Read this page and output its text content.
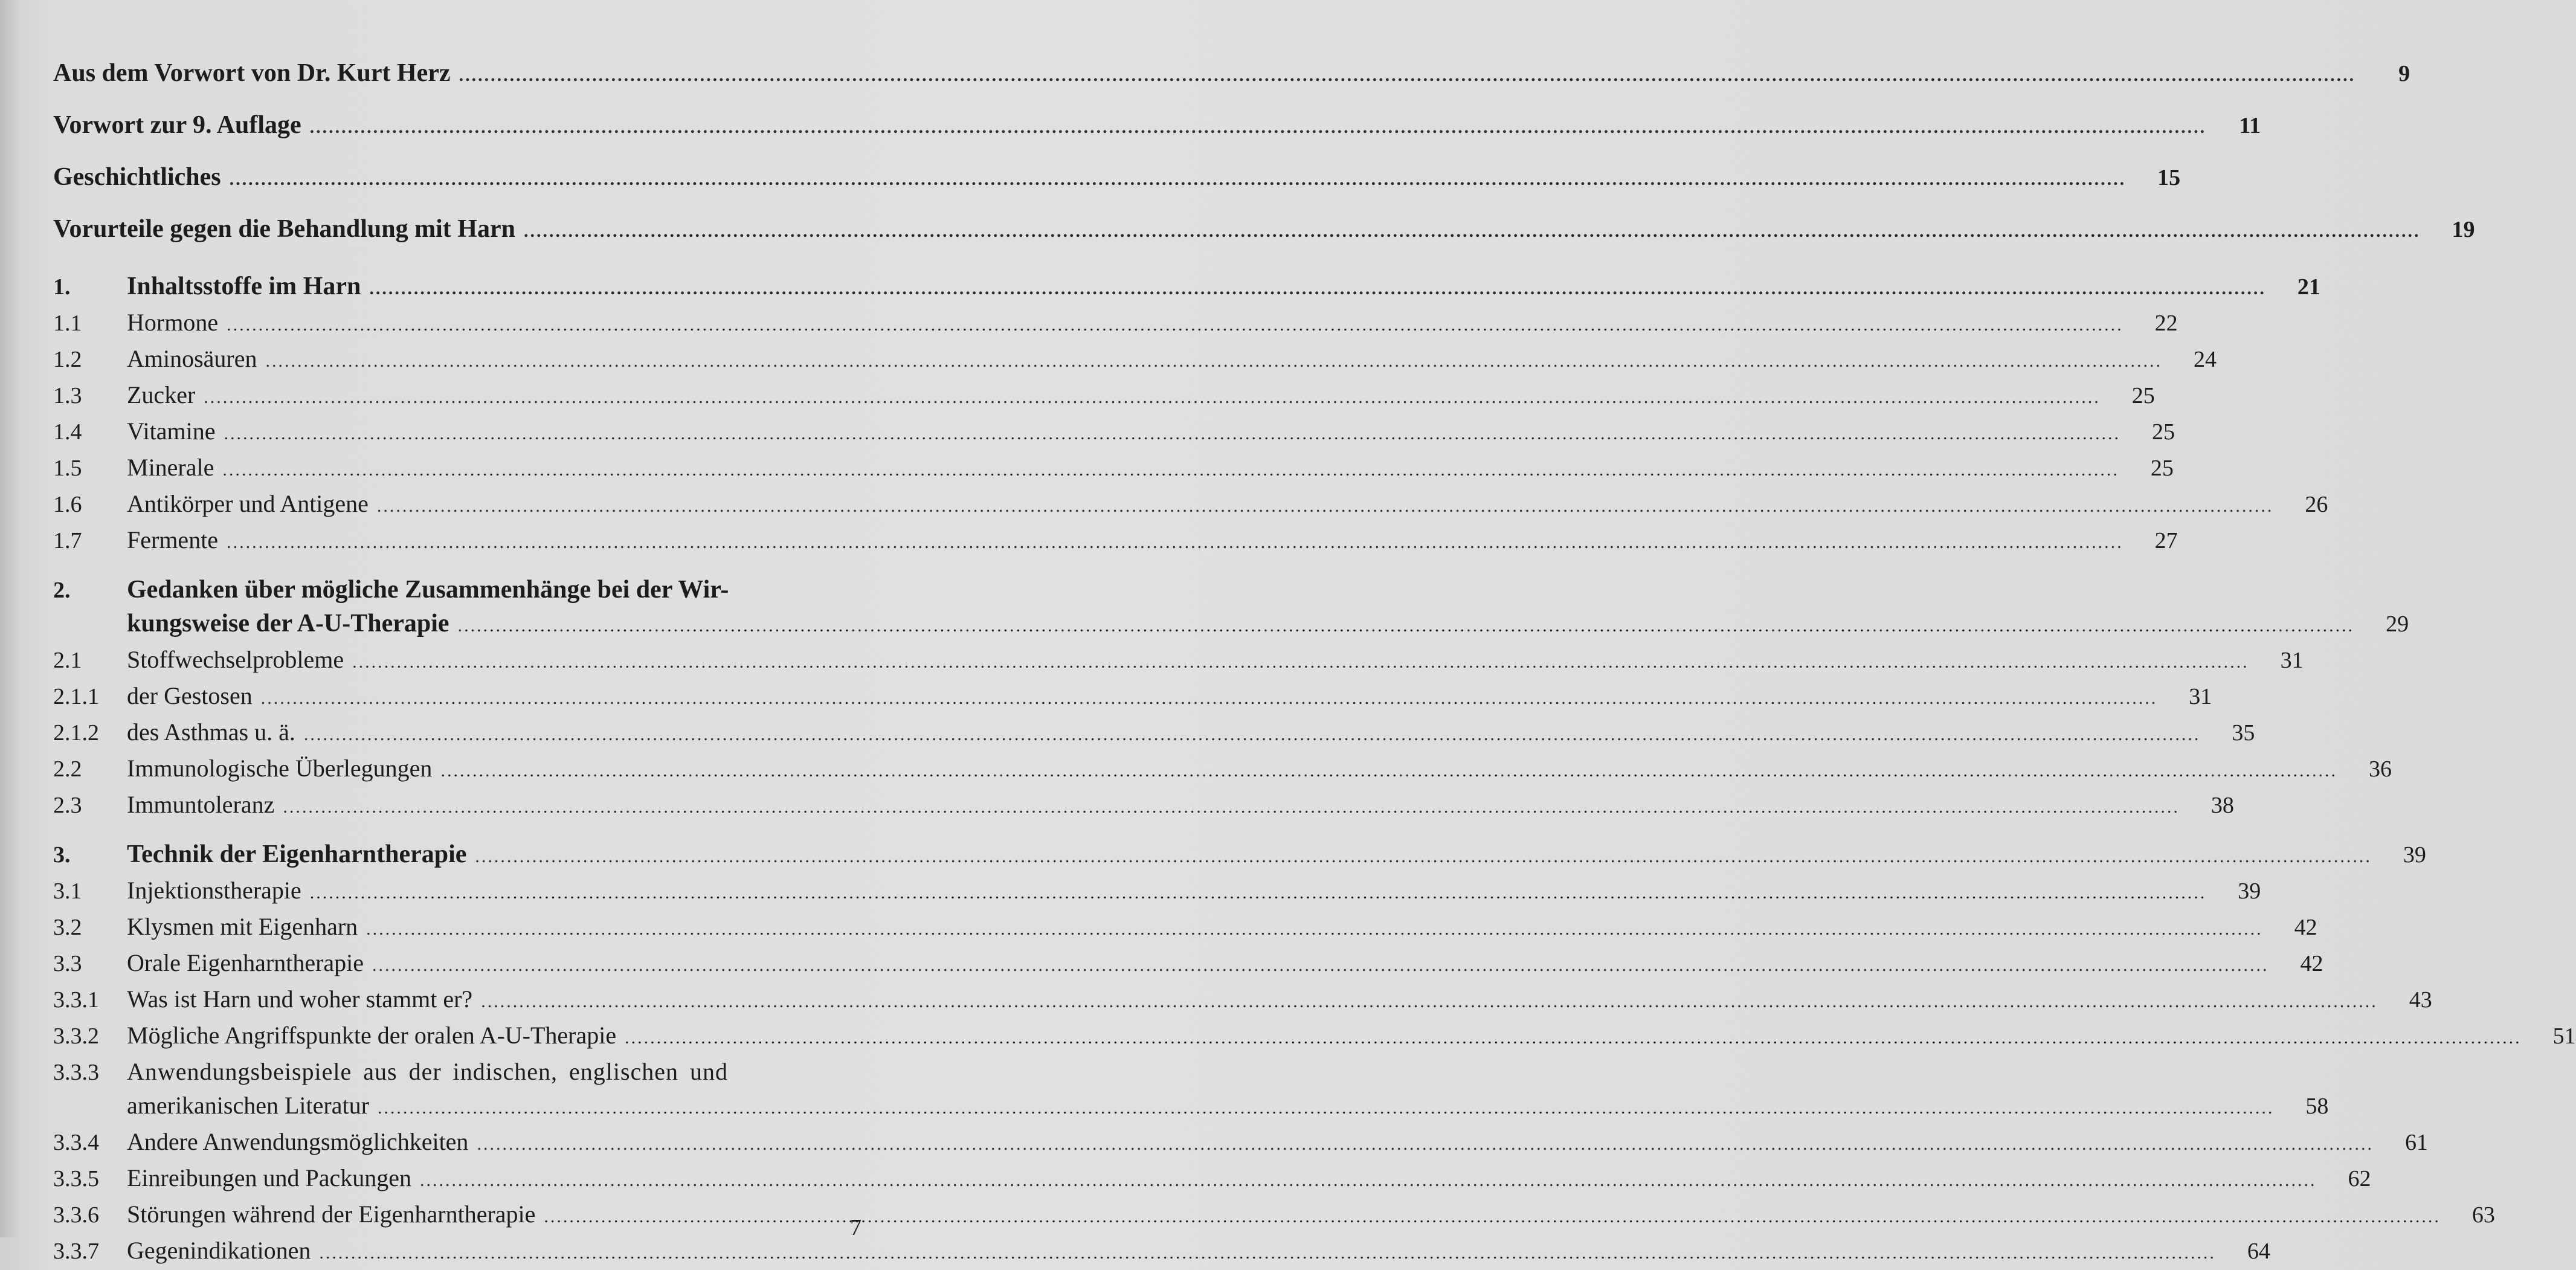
Aus dem Vorwort von Dr. Kurt Herz .....	9
Vorwort zur 9. Auflage .....	11
Geschichtliches .....	15
Vorurteile gegen die Behandlung mit Harn .....	19
1.	Inhaltsstoffe im Harn .....	21
1.1	Hormone .....	22
1.2	Aminosäuren .....	24
1.3	Zucker .....	25
1.4	Vitamine .....	25
1.5	Minerale .....	25
1.6	Antikörper und Antigene .....	26
1.7	Fermente .....	27
2.	Gedanken über mögliche Zusammenhänge bei der Wir-
kungsweise der A-U-Therapie .....	29
2.1	Stoffwechselprobleme .....	31
2.1.1	der Gestosen .....	31
2.1.2	des Asthmas u. ä. .....	35
2.2	Immunologische Überlegungen .....	36
2.3	Immuntoleranz .....	38
3.	Technik der Eigenharntherapie .....	39
3.1	Injektionstherapie .....	39
3.2	Klysmen mit Eigenharn .....	42
3.3	Orale Eigenharntherapie .....	42
3.3.1	Was ist Harn und woher stammt er? .....	43
3.3.2	Mögliche Angriffspunkte der oralen A-U-Therapie .....	51
3.3.3	Anwendungsbeispiele aus der indischen, englischen und
amerikanischen Literatur .....	58
3.3.4	Andere Anwendungsmöglichkeiten .....	61
3.3.5	Einreibungen und Packungen .....	62
3.3.6	Störungen während der Eigenharntherapie .....	63
3.3.7	Gegenindikationen .....	64
7
